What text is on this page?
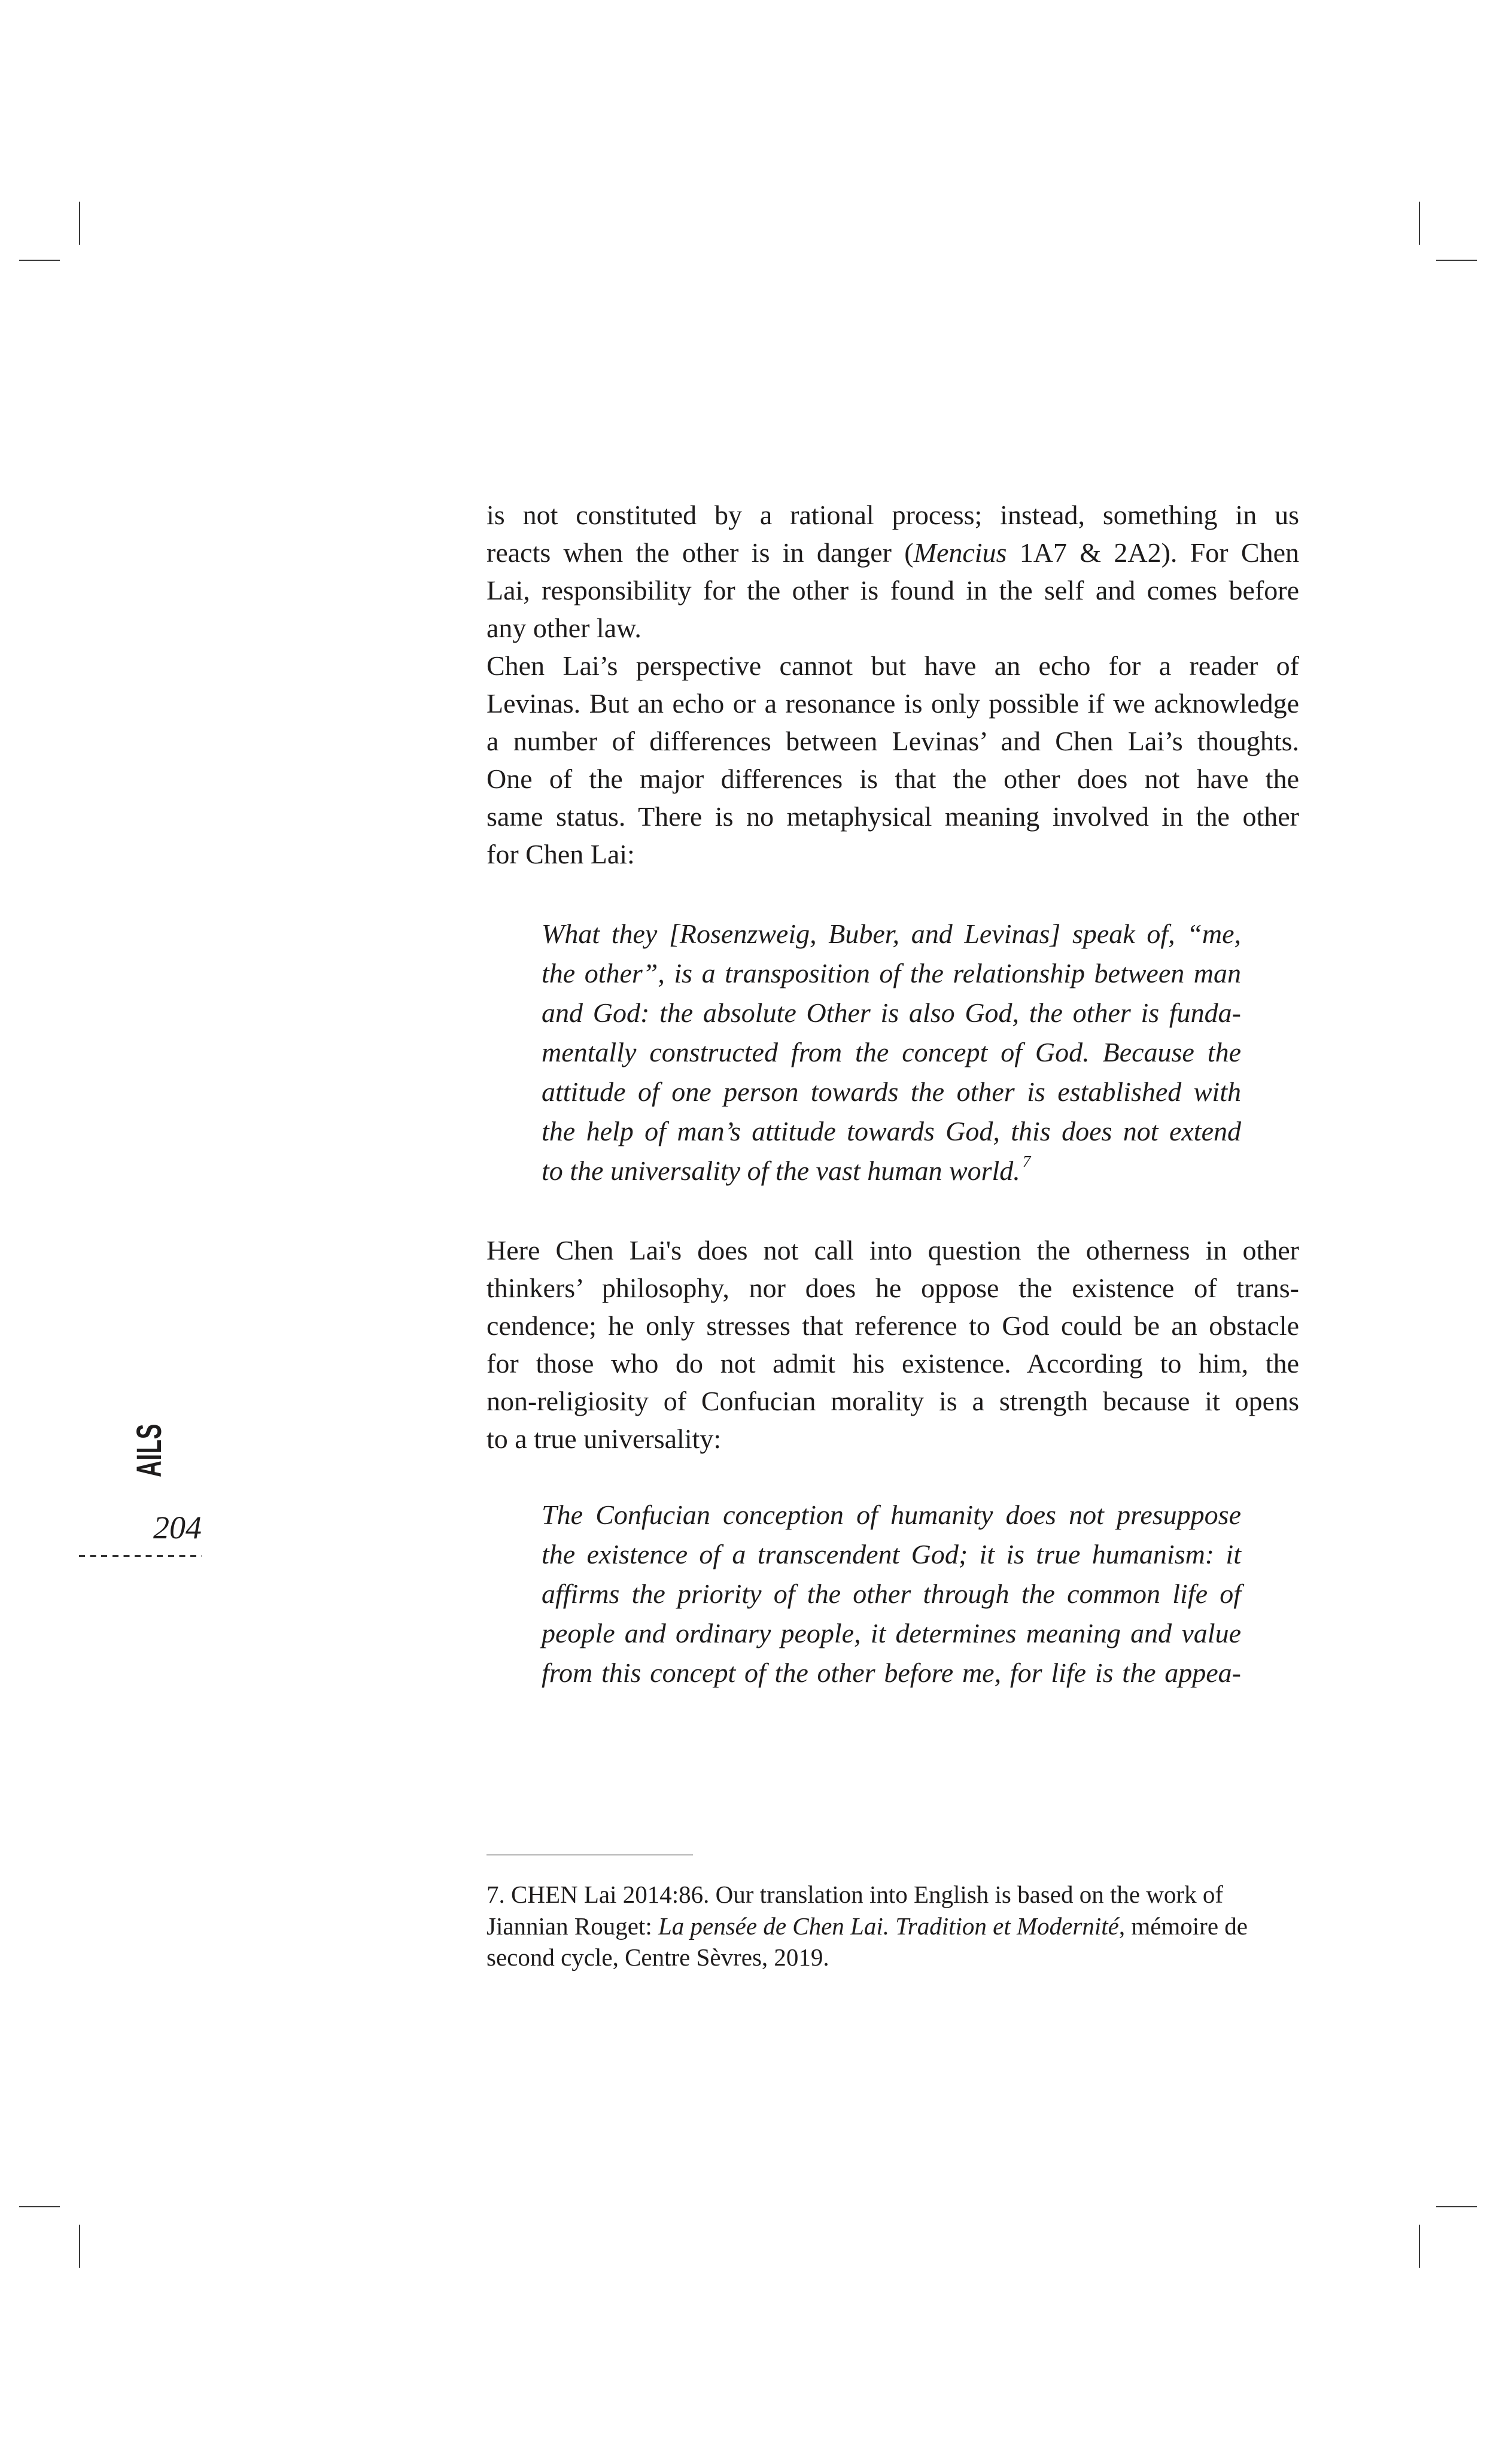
AILS
204
is not constituted by a rational process; instead, something in us
reacts when the other is in danger (Mencius 1A7 & 2A2). For Chen
Lai, responsibility for the other is found in the self and comes before
any other law.
Chen Lai’s perspective cannot but have an echo for a reader of
Levinas. But an echo or a resonance is only possible if we acknowledge
a number of differences between Levinas’ and Chen Lai’s thoughts.
One of the major differences is that the other does not have the
same status. There is no metaphysical meaning involved in the other
for Chen Lai:
What they [Rosenzweig, Buber, and Levinas] speak of, “me,
the other”, is a transposition of the relationship between man
and God: the absolute Other is also God, the other is funda-
mentally constructed from the concept of God. Because the
attitude of one person towards the other is established with
the help of man’s attitude towards God, this does not extend
to the universality of the vast human world. $^7$
Here Chen Lai's does not call into question the otherness in other
thinkers’ philosophy, nor does he oppose the existence of trans-
cendence; he only stresses that reference to God could be an obstacle
for those who do not admit his existence. According to him, the
non-religiosity of Confucian morality is a strength because it opens
to a true universality:
The Confucian conception of humanity does not presuppose
the existence of a transcendent God; it is true humanism: it
affirms the priority of the other through the common life of
people and ordinary people, it determines meaning and value
from this concept of the other before me, for life is the appea-
7. CHEN Lai 2014:86. Our translation into English is based on the work of
Jiannian Rouget: La pensée de Chen Lai. Tradition et Modernité, mémoire de
second cycle, Centre Sèvres, 2019.
